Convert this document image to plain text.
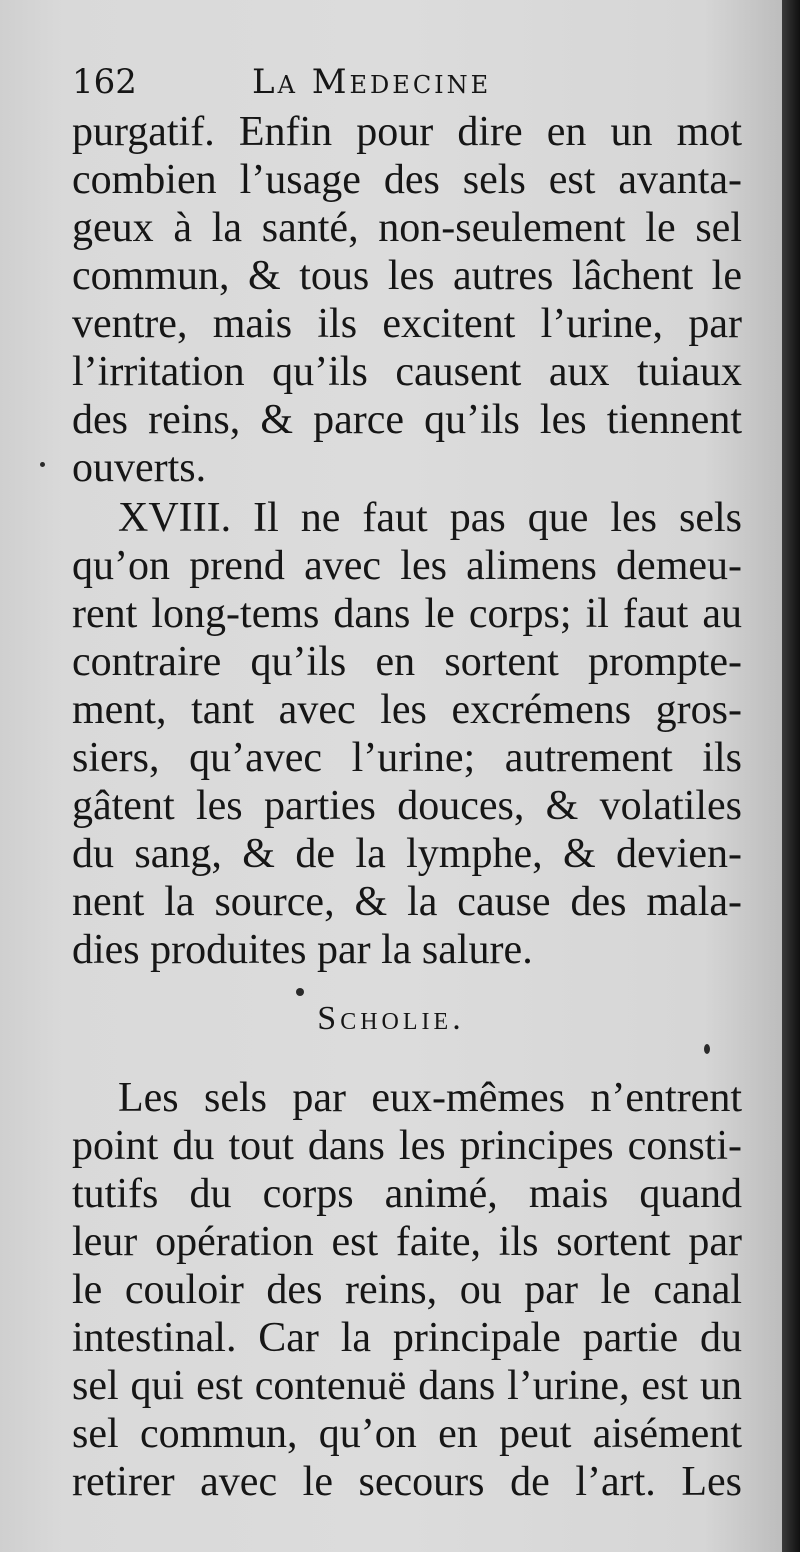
162	La Medecine
purgatif. Enfin pour dire en un mot
combien l’usage des sels est avanta-
geux à la santé, non-seulement le sel
commun, & tous les autres lâchent le
ventre, mais ils excitent l’urine, par
l’irritation qu’ils causent aux tuiaux
des reins, & parce qu’ils les tiennent
ouverts.
XVIII. Il ne faut pas que les sels
qu’on prend avec les alimens demeu-
rent long-tems dans le corps; il faut au
contraire qu’ils en sortent prompte-
ment, tant avec les excrémens gros-
siers, qu’avec l’urine; autrement ils
gâtent les parties douces, & volatiles
du sang, & de la lymphe, & devien-
nent la source, & la cause des mala-
dies produites par la salure.
Scholie.
Les sels par eux-mêmes n’entrent
point du tout dans les principes consti-
tutifs du corps animé, mais quand
leur opération est faite, ils sortent par
le couloir des reins, ou par le canal
intestinal. Car la principale partie du
sel qui est contenuë dans l’urine, est un
sel commun, qu’on en peut aisément
retirer avec le secours de l’art. Les
